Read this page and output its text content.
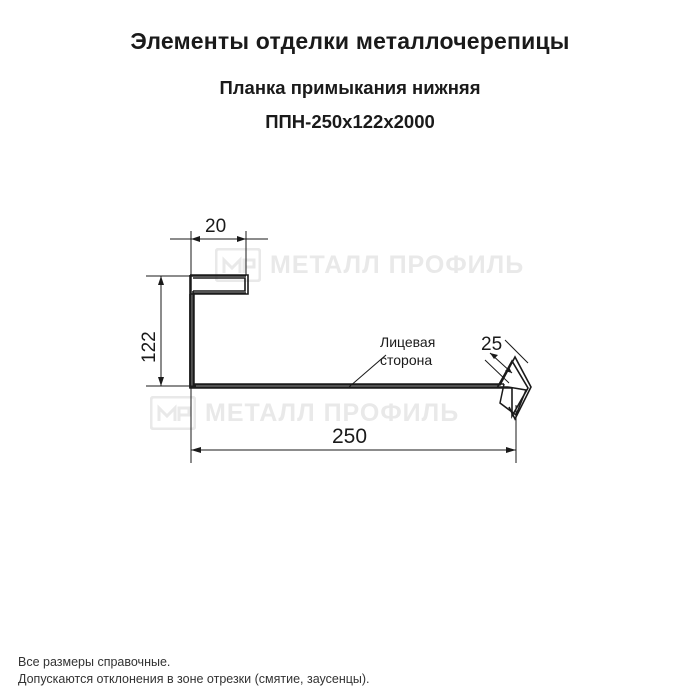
Элементы отделки металлочерепицы
Планка примыкания нижняя
ППН-250х122х2000
МЕТАЛЛ ПРОФИЛЬ
МЕТАЛЛ ПРОФИЛЬ
20
122
250
25
Лицевая
сторона
Все размеры справочные.
Допускаются отклонения в зоне отрезки (смятие, заусенцы).
